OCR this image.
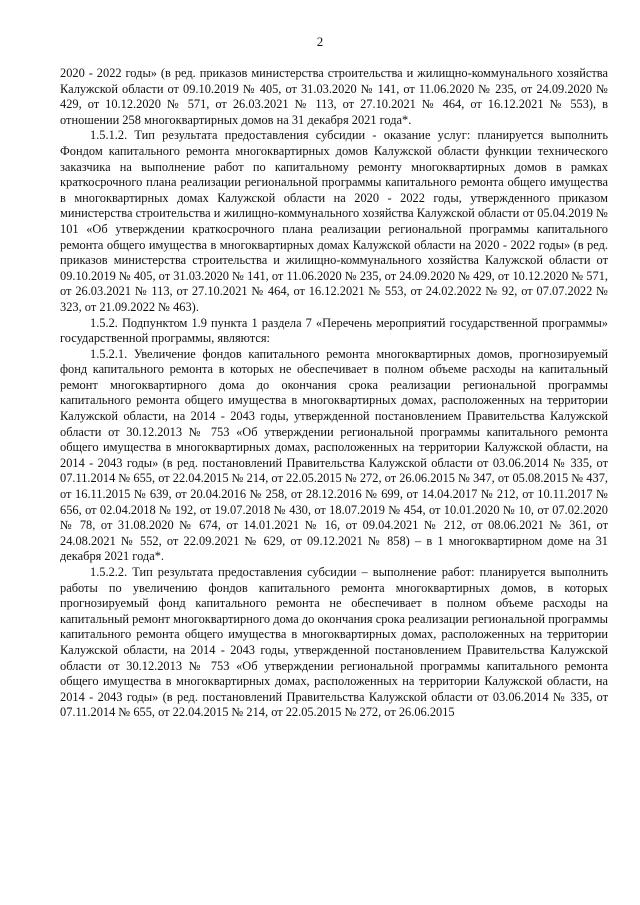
2

2020 - 2022 годы» (в ред. приказов министерства строительства и жилищно-коммунального хозяйства Калужской области от 09.10.2019 № 405, от 31.03.2020 № 141, от 11.06.2020 № 235, от 24.09.2020 № 429, от 10.12.2020 № 571, от 26.03.2021 № 113, от 27.10.2021 № 464, от 16.12.2021 № 553), в отношении 258 многоквартирных домов на 31 декабря 2021 года*.

1.5.1.2. Тип результата предоставления субсидии - оказание услуг: планируется выполнить Фондом капитального ремонта многоквартирных домов Калужской области функции технического заказчика на выполнение работ по капитальному ремонту многоквартирных домов в рамках краткосрочного плана реализации региональной программы капитального ремонта общего имущества в многоквартирных домах Калужской области на 2020 - 2022 годы, утвержденного приказом министерства строительства и жилищно-коммунального хозяйства Калужской области от 05.04.2019 № 101 «Об утверждении краткосрочного плана реализации региональной программы капитального ремонта общего имущества в многоквартирных домах Калужской области на 2020 - 2022 годы» (в ред. приказов министерства строительства и жилищно-коммунального хозяйства Калужской области от 09.10.2019 № 405, от 31.03.2020 № 141, от 11.06.2020 № 235, от 24.09.2020 № 429, от 10.12.2020 № 571, от 26.03.2021 № 113, от 27.10.2021 № 464, от 16.12.2021 № 553, от 24.02.2022 № 92, от 07.07.2022 № 323, от 21.09.2022 № 463).

1.5.2. Подпунктом 1.9 пункта 1 раздела 7 «Перечень мероприятий государственной программы» государственной программы, являются:

1.5.2.1. Увеличение фондов капитального ремонта многоквартирных домов, прогнозируемый фонд капитального ремонта в которых не обеспечивает в полном объеме расходы на капитальный ремонт многоквартирного дома до окончания срока реализации региональной программы капитального ремонта общего имущества в многоквартирных домах, расположенных на территории Калужской области, на 2014 - 2043 годы, утвержденной постановлением Правительства Калужской области от 30.12.2013 № 753 «Об утверждении региональной программы капитального ремонта общего имущества в многоквартирных домах, расположенных на территории Калужской области, на 2014 - 2043 годы» (в ред. постановлений Правительства Калужской области от 03.06.2014 № 335, от 07.11.2014 № 655, от 22.04.2015 № 214, от 22.05.2015 № 272, от 26.06.2015 № 347, от 05.08.2015 № 437, от 16.11.2015 № 639, от 20.04.2016 № 258, от 28.12.2016 № 699, от 14.04.2017 № 212, от 10.11.2017 № 656, от 02.04.2018 № 192, от 19.07.2018 № 430, от 18.07.2019 № 454, от 10.01.2020 № 10, от 07.02.2020 № 78, от 31.08.2020 № 674, от 14.01.2021 № 16, от 09.04.2021 № 212, от 08.06.2021 № 361, от 24.08.2021 № 552, от 22.09.2021 № 629, от 09.12.2021 № 858) – в 1 многоквартирном доме на 31 декабря 2021 года*.

1.5.2.2. Тип результата предоставления субсидии – выполнение работ: планируется выполнить работы по увеличению фондов капитального ремонта многоквартирных домов, в которых прогнозируемый фонд капитального ремонта не обеспечивает в полном объеме расходы на капитальный ремонт многоквартирного дома до окончания срока реализации региональной программы капитального ремонта общего имущества в многоквартирных домах, расположенных на территории Калужской области, на 2014 - 2043 годы, утвержденной постановлением Правительства Калужской области от 30.12.2013 № 753 «Об утверждении региональной программы капитального ремонта общего имущества в многоквартирных домах, расположенных на территории Калужской области, на 2014 - 2043 годы» (в ред. постановлений Правительства Калужской области от 03.06.2014 № 335, от 07.11.2014 № 655, от 22.04.2015 № 214, от 22.05.2015 № 272, от 26.06.2015
